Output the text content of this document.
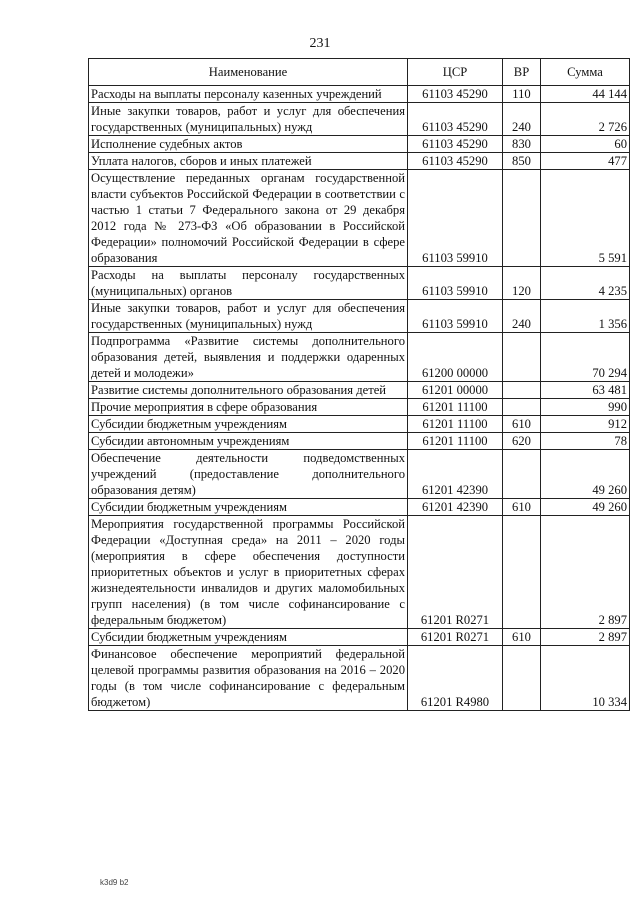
231
Наименование	ЦСР	ВР	Сумма
Расходы на выплаты персоналу казенных учреждений	61103 45290	110	44 144
Иные закупки товаров, работ и услуг для обеспечения государственных (муниципальных) нужд	61103 45290	240	2 726
Исполнение судебных актов	61103 45290	830	60
Уплата налогов, сборов и иных платежей	61103 45290	850	477
Осуществление переданных органам государственной власти субъектов Российской Федерации в соответствии с частью 1 статьи 7 Федерального закона от 29 декабря 2012 года № 273-ФЗ «Об образовании в Российской Федерации» полномочий Российской Федерации в сфере образования	61103 59910		5 591
Расходы на выплаты персоналу государственных (муниципальных) органов	61103 59910	120	4 235
Иные закупки товаров, работ и услуг для обеспечения государственных (муниципальных) нужд	61103 59910	240	1 356
Подпрограмма «Развитие системы дополнительного образования детей, выявления и поддержки одаренных детей и молодежи»	61200 00000		70 294
Развитие системы дополнительного образования детей	61201 00000		63 481
Прочие мероприятия в сфере образования	61201 11100		990
Субсидии бюджетным учреждениям	61201 11100	610	912
Субсидии автономным учреждениям	61201 11100	620	78
Обеспечение деятельности подведомственных учреждений (предоставление дополнительного образования детям)	61201 42390		49 260
Субсидии бюджетным учреждениям	61201 42390	610	49 260
Мероприятия государственной программы Российской Федерации «Доступная среда» на 2011 – 2020 годы (мероприятия в сфере обеспечения доступности приоритетных объектов и услуг в приоритетных сферах жизнедеятельности инвалидов и других маломобильных групп населения) (в том числе софинансирование с федеральным бюджетом)	61201 R0271		2 897
Субсидии бюджетным учреждениям	61201 R0271	610	2 897
Финансовое обеспечение мероприятий федеральной целевой программы развития образования на 2016 – 2020 годы (в том числе софинансирование с федеральным бюджетом)	61201 R4980		10 334
k3d9 b2
